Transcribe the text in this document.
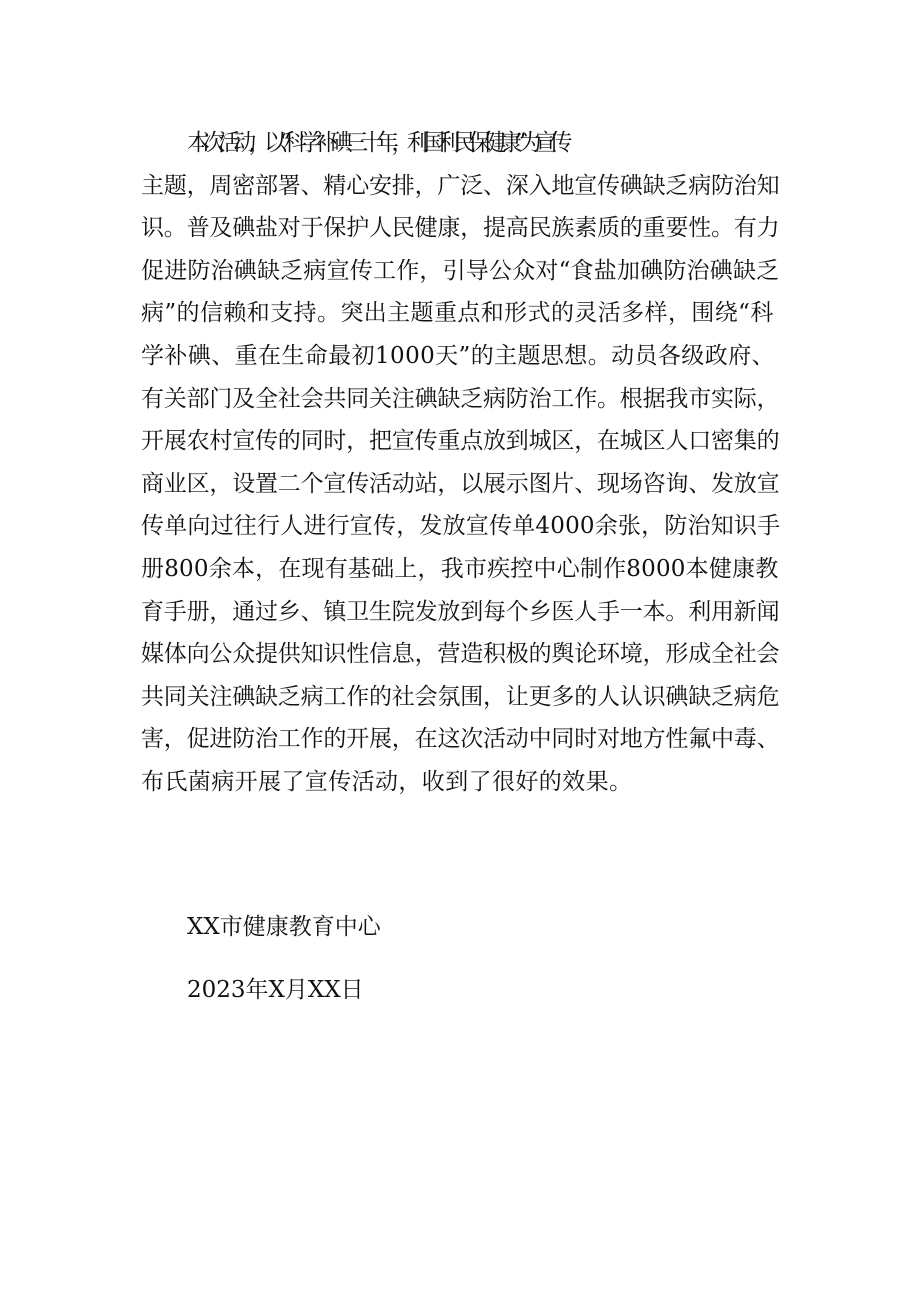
本次活动，以“科学补碘三十年，利国利民保健康”为宣传
主题，周密部署、精心安排，广泛、深入地宣传碘缺乏病防治知
识。普及碘盐对于保护人民健康，提高民族素质的重要性。有力
促进防治碘缺乏病宣传工作，引导公众对“食盐加碘防治碘缺乏
病”的信赖和支持。突出主题重点和形式的灵活多样，围绕“科
学补碘、重在生命最初1000天”的主题思想。动员各级政府、
有关部门及全社会共同关注碘缺乏病防治工作。根据我市实际，
开展农村宣传的同时，把宣传重点放到城区，在城区人口密集的
商业区，设置二个宣传活动站，以展示图片、现场咨询、发放宣
传单向过往行人进行宣传，发放宣传单4000余张，防治知识手
册800余本，在现有基础上，我市疾控中心制作8000本健康教
育手册，通过乡、镇卫生院发放到每个乡医人手一本。利用新闻
媒体向公众提供知识性信息，营造积极的舆论环境，形成全社会
共同关注碘缺乏病工作的社会氛围，让更多的人认识碘缺乏病危
害，促进防治工作的开展，在这次活动中同时对地方性氟中毒、
布氏菌病开展了宣传活动，收到了很好的效果。
XX市健康教育中心
2023年X月XX日
